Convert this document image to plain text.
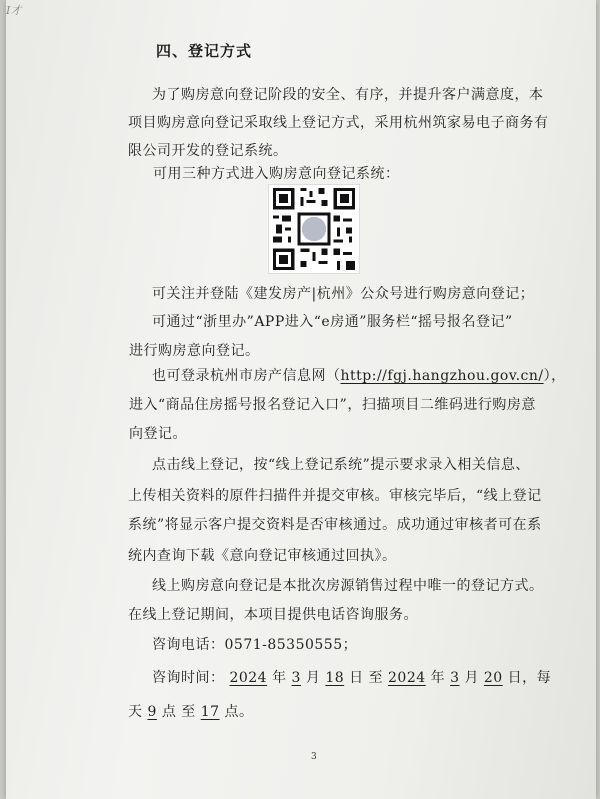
I才
四、登记方式
为了购房意向登记阶段的安全、有序，并提升客户满意度，本
项目购房意向登记采取线上登记方式，采用杭州筑家易电子商务有
限公司开发的登记系统。
可用三种方式进入购房意向登记系统：
可关注并登陆《建发房产|杭州》公众号进行购房意向登记；
可通过“浙里办”APP进入“e房通”服务栏“摇号报名登记”
进行购房意向登记。
也可登录杭州市房产信息网（http://fgj.hangzhou.gov.cn/），
进入“商品住房摇号报名登记入口”，扫描项目二维码进行购房意
向登记。
点击线上登记，按“线上登记系统”提示要求录入相关信息、
上传相关资料的原件扫描件并提交审核。审核完毕后，“线上登记
系统”将显示客户提交资料是否审核通过。成功通过审核者可在系
统内查询下载《意向登记审核通过回执》。
线上购房意向登记是本批次房源销售过程中唯一的登记方式。
在线上登记期间，本项目提供电话咨询服务。
咨询电话：0571-85350555；
咨询时间： 2024 年 3 月 18 日 至 2024 年 3 月 20 日，每
天 9 点 至 17 点。
3
